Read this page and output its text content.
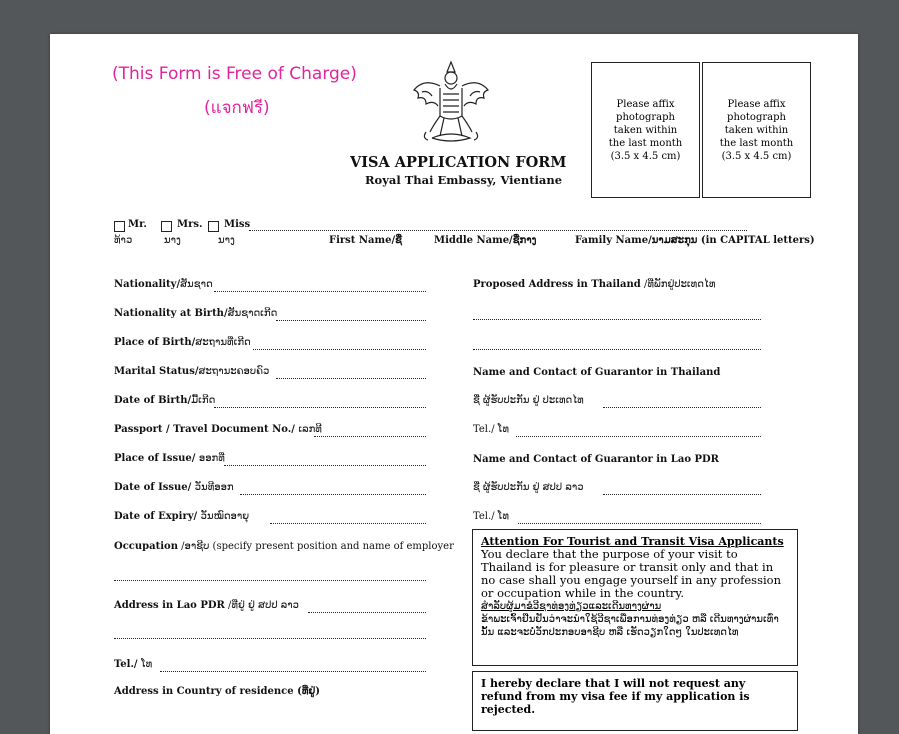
(This Form is Free of Charge)
(แจกฟรี)
VISA APPLICATION FORM
Royal Thai Embassy, Vientiane
Please affix
photograph
taken within
the last month
(3.5 x 4.5 cm)
Please affix
photograph
taken within
the last month
(3.5 x 4.5 cm)
Mr.	Mrs. Miss
ທ້າວ	ນາງ	ນາງ	First Name/ຊື່	Middle Name/ຊື່ກາງ	Family Name/ນາມສະກຸນ (in CAPITAL letters)
Nationality/ສັນຊາດ
Nationality at Birth/ສັນຊາດເກີດ
Place of Birth/ສະຖານທີ່ເກີດ
Marital Status/ສະຖານະຄອບຄົວ
Date of Birth/ມື້ເກີດ
Passport / Travel Document No./ ເລກທີ
Place of Issue/ ອອກທີ່
Date of Issue/ ວັນທີອອກ
Date of Expiry/ ວັນໝົດອາຍຸ
Occupation /ອາຊີບ (specify present position and name of employer
Address in Lao PDR /ທີ່ຢູ່ ຢູ່ ສປປ ລາວ
Tel./ ໂທ
Address in Country of residence (ທີ່ຢູ່)
Proposed Address in Thailand /ທີ່ພັກຢູ່ປະເທດໄທ
Name and Contact of Guarantor in Thailand
ຊື່ ຜູ້ຮັບປະກັນ ຢູ່ ປະເທດໄທ
Tel./ ໂທ
Name and Contact of Guarantor in Lao PDR
ຊື່ ຜູ້ຮັບປະກັນ ຢູ່ ສປປ ລາວ
Tel./ ໂທ
Attention For Tourist and Transit Visa Applicants
You declare that the purpose of your visit to Thailand is for pleasure or transit only and that in no case shall you engage yourself in any profession or occupation while in the country.
ສຳລັບຜູ້ມາຂໍວີຊາທ່ອງທ່ຽວແລະເດີນທາງຜ່ານ
ຂ້າພະເຈົ້າຢືນຢັນວ່າຈະນໍາໃຊ້ວີຊາເພື່ອການທ່ອງທ່ຽວ ຫລື ເດີນທາງຜ່ານເທົ່ານັ້ນ ແລະຈະບໍ່ວັກປະກອບອາຊີບ ຫລື ເຮັດວຽກໃດໆ ໃນປະເທດໄທ
I hereby declare that I will not request any refund from my visa fee if my application is rejected.
